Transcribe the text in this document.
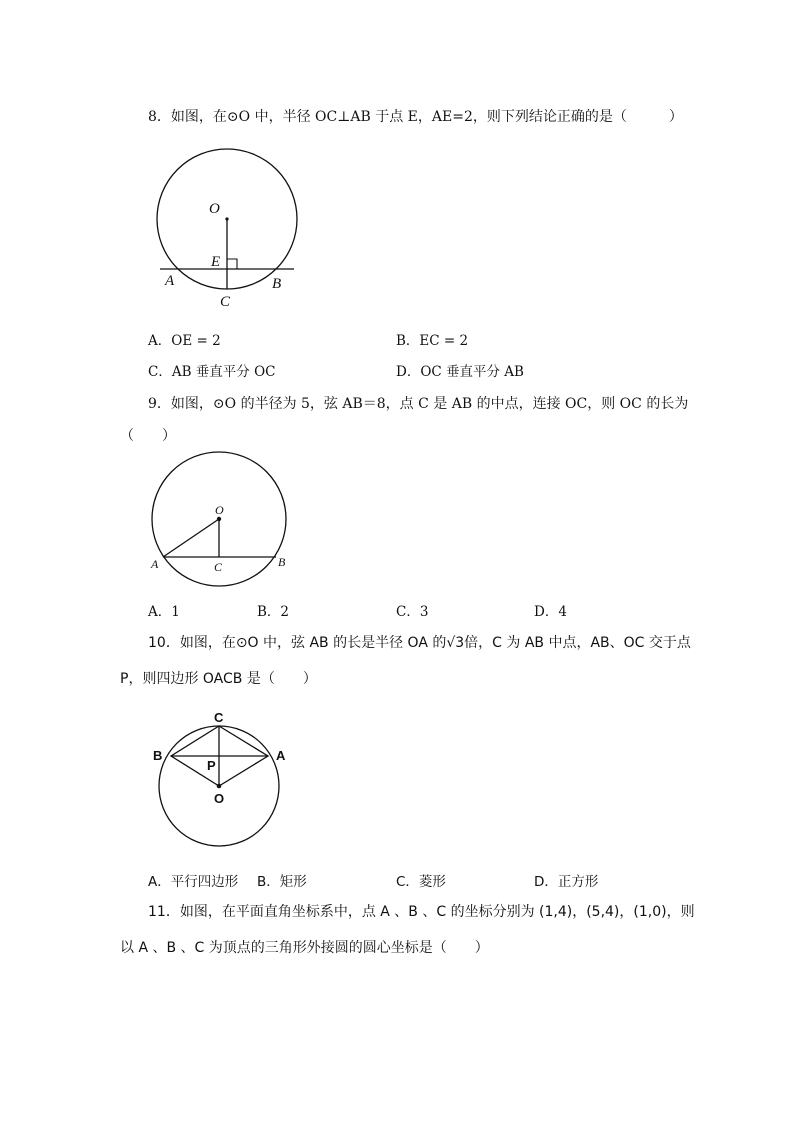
8．如图，在⊙O 中，半径 OC⊥AB 于点 E，AE=2，则下列结论正确的是（　　　）
O
E
A
C
B
A．OE = 2	B．EC = 2
C．AB 垂直平分 OC	D．OC 垂直平分 AB
9．如图，⊙O 的半径为 5，弦 AB＝8，点 C 是 AB 的中点，连接 OC，则 OC 的长为
（　　）
O
A	C	B
A．1	B．2	C．3	D．4
10．如图，在⊙O 中，弦 AB 的长是半径 OA 的√3倍，C 为 AB 中点，AB、OC 交于点
P，则四边形 OACB 是（　　）
C
B	A
P
O
A．平行四边形 B．矩形	C．菱形	D．正方形
11．如图，在平面直角坐标系中，点 A 、B 、C 的坐标分别为 (1,4)，(5,4)，(1,0)，则
以 A 、B 、C 为顶点的三角形外接圆的圆心坐标是（　　）
